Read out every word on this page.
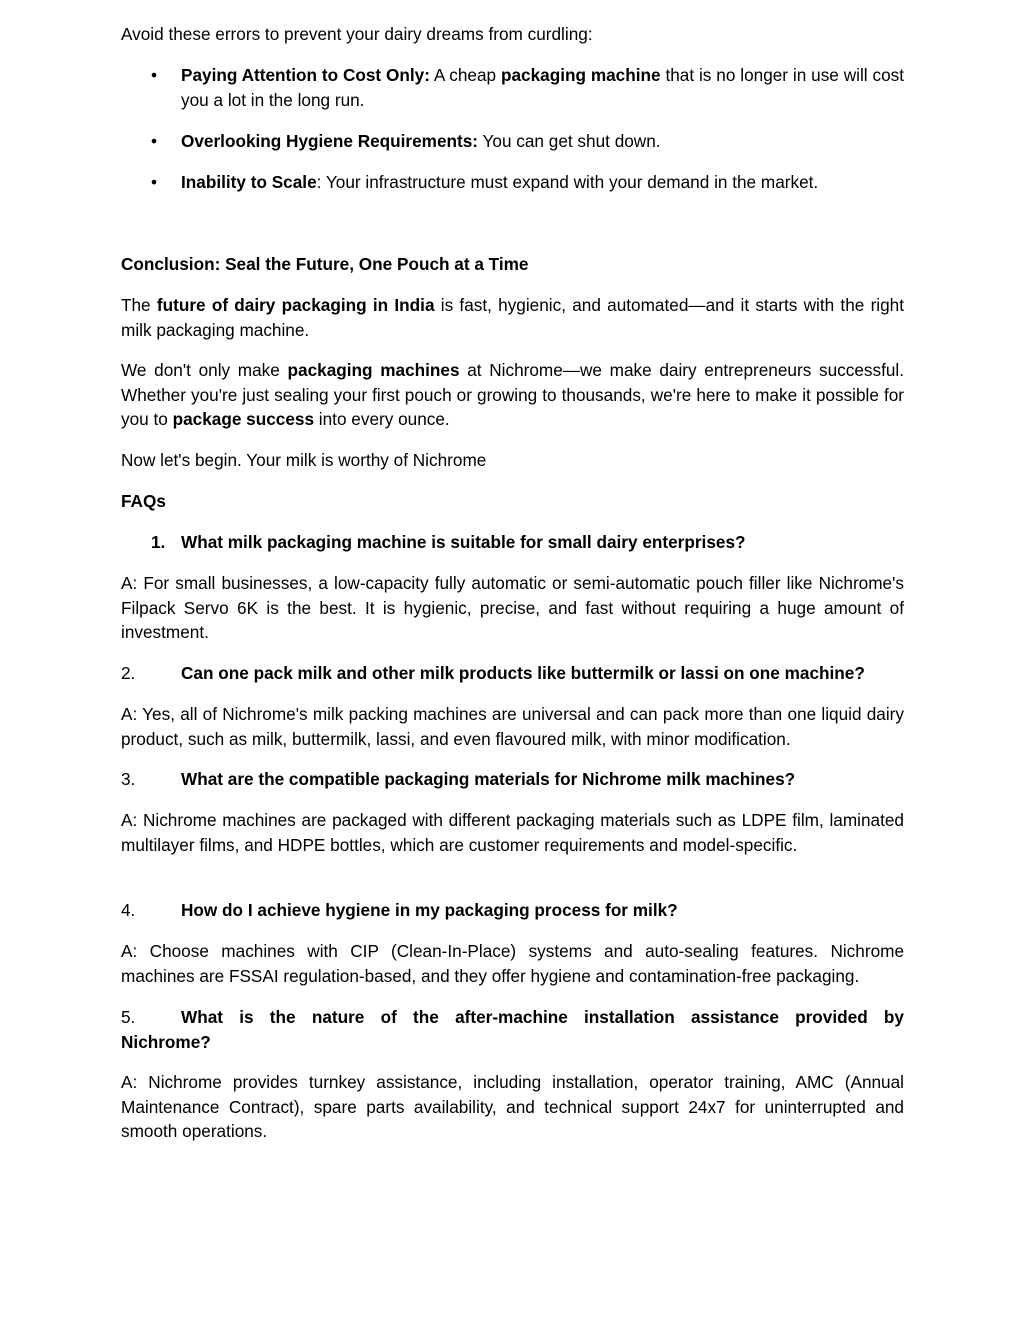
Avoid these errors to prevent your dairy dreams from curdling:

• Paying Attention to Cost Only: A cheap packaging machine that is no longer in use will cost you a lot in the long run.
• Overlooking Hygiene Requirements: You can get shut down.
• Inability to Scale: Your infrastructure must expand with your demand in the market.

Conclusion: Seal the Future, One Pouch at a Time

The future of dairy packaging in India is fast, hygienic, and automated—and it starts with the right milk packaging machine.

We don't only make packaging machines at Nichrome—we make dairy entrepreneurs successful. Whether you're just sealing your first pouch or growing to thousands, we're here to make it possible for you to package success into every ounce.

Now let's begin. Your milk is worthy of Nichrome

FAQs

1. What milk packaging machine is suitable for small dairy enterprises?

A: For small businesses, a low-capacity fully automatic or semi-automatic pouch filler like Nichrome's Filpack Servo 6K is the best. It is hygienic, precise, and fast without requiring a huge amount of investment.

2.	Can one pack milk and other milk products like buttermilk or lassi on one machine?

A: Yes, all of Nichrome's milk packing machines are universal and can pack more than one liquid dairy product, such as milk, buttermilk, lassi, and even flavoured milk, with minor modification.

3.	What are the compatible packaging materials for Nichrome milk machines?

A: Nichrome machines are packaged with different packaging materials such as LDPE film, laminated multilayer films, and HDPE bottles, which are customer requirements and model-specific.

4.	How do I achieve hygiene in my packaging process for milk?

A: Choose machines with CIP (Clean-In-Place) systems and auto-sealing features. Nichrome machines are FSSAI regulation-based, and they offer hygiene and contamination-free packaging.

5.	What is the nature of the after-machine installation assistance provided by
Nichrome?

A: Nichrome provides turnkey assistance, including installation, operator training, AMC (Annual Maintenance Contract), spare parts availability, and technical support 24x7 for uninterrupted and smooth operations.
